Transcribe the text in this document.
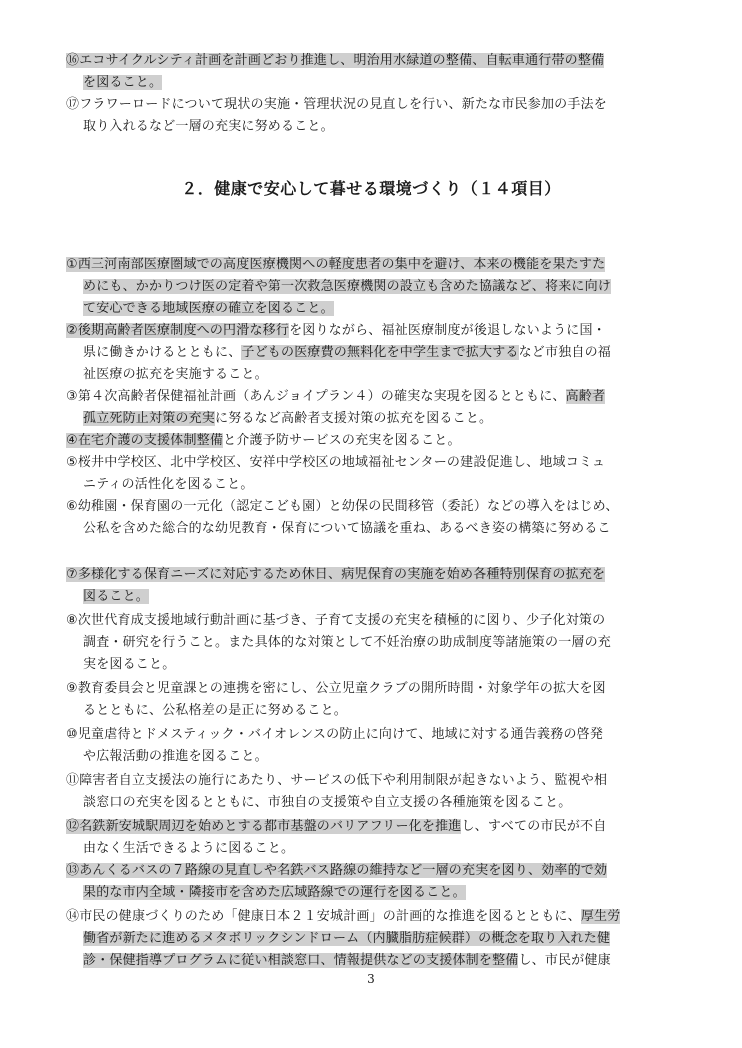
⑯エコサイクルシティ計画を計画どおり推進し、明治用水緑道の整備、自転車通行帯の整備
を図ること。
⑰フラワーロードについて現状の実施・管理状況の見直しを行い、新たな市民参加の手法を
取り入れるなど一層の充実に努めること。
２．健康で安心して暮せる環境づくり（１４項目）
①西三河南部医療圏域での高度医療機関への軽度患者の集中を避け、本来の機能を果たすた
めにも、かかりつけ医の定着や第一次救急医療機関の設立も含めた協議など、将来に向け
て安心できる地域医療の確立を図ること。
②後期高齢者医療制度への円滑な移行を図りながら、福祉医療制度が後退しないように国・
県に働きかけるとともに、子どもの医療費の無料化を中学生まで拡大するなど市独自の福
祉医療の拡充を実施すること。
③第４次高齢者保健福祉計画（あんジョイプラン４）の確実な実現を図るとともに、高齢者
孤立死防止対策の充実に努るなど高齢者支援対策の拡充を図ること。
④在宅介護の支援体制整備と介護予防サービスの充実を図ること。
⑤桜井中学校区、北中学校区、安祥中学校区の地域福祉センターの建設促進し、地域コミュ
ニティの活性化を図ること。
⑥幼稚園・保育園の一元化（認定こども園）と幼保の民間移管（委託）などの導入をはじめ、
公私を含めた総合的な幼児教育・保育について協議を重ね、あるべき姿の構築に努めるこ
⑦多様化する保育ニーズに対応するため休日、病児保育の実施を始め各種特別保育の拡充を
図ること。
⑧次世代育成支援地域行動計画に基づき、子育て支援の充実を積極的に図り、少子化対策の
調査・研究を行うこと。また具体的な対策として不妊治療の助成制度等諸施策の一層の充
実を図ること。
⑨教育委員会と児童課との連携を密にし、公立児童クラブの開所時間・対象学年の拡大を図
るとともに、公私格差の是正に努めること。
⑩児童虐待とドメスティック・バイオレンスの防止に向けて、地域に対する通告義務の啓発
や広報活動の推進を図ること。
⑪障害者自立支援法の施行にあたり、サービスの低下や利用制限が起きないよう、監視や相
談窓口の充実を図るとともに、市独自の支援策や自立支援の各種施策を図ること。
⑫名鉄新安城駅周辺を始めとする都市基盤のバリアフリー化を推進し、すべての市民が不自
由なく生活できるように図ること。
⑬あんくるバスの７路線の見直しや名鉄バス路線の維持など一層の充実を図り、効率的で効
果的な市内全域・隣接市を含めた広域路線での運行を図ること。
⑭市民の健康づくりのため「健康日本２１安城計画」の計画的な推進を図るとともに、厚生労
働省が新たに進めるメタボリックシンドローム（内臓脂肪症候群）の概念を取り入れた健
診・保健指導プログラムに従い相談窓口、情報提供などの支援体制を整備し、市民が健康
3
